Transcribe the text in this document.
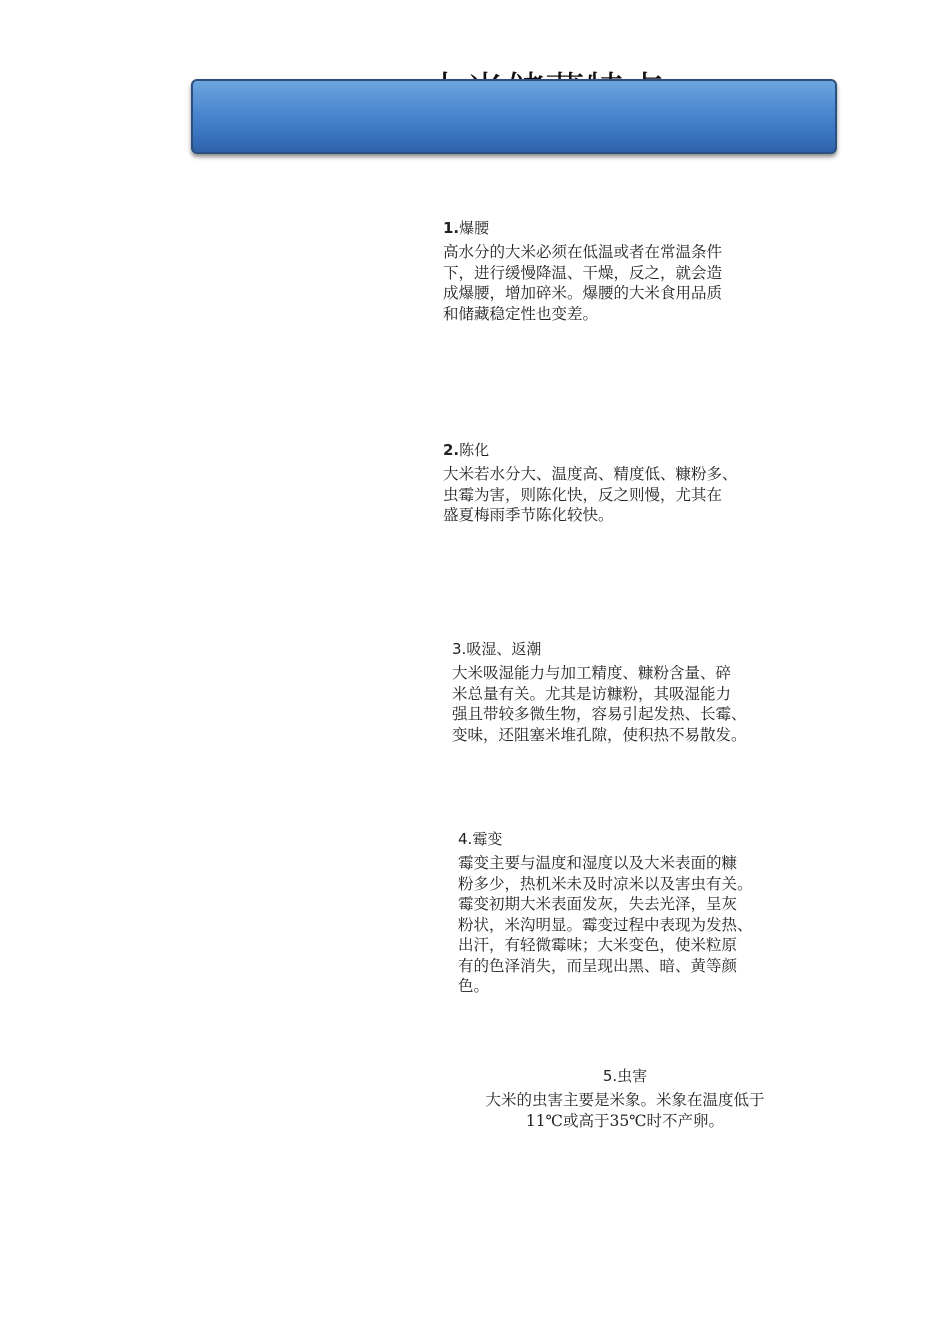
1.爆腰
高水分的大米必须在低温或者在常温条件
下，进行缓慢降温、干燥，反之，就会造
成爆腰，增加碎米。爆腰的大米食用品质
和储藏稳定性也变差。
2.陈化
大米若水分大、温度高、精度低、糠粉多、
虫霉为害，则陈化快，反之则慢，尤其在
盛夏梅雨季节陈化较快。
3.吸湿、返潮
大米吸湿能力与加工精度、糠粉含量、碎
米总量有关。尤其是访糠粉，其吸湿能力
强且带较多微生物，容易引起发热、长霉、
变味，还阻塞米堆孔隙，使积热不易散发。
4.霉变
霉变主要与温度和湿度以及大米表面的糠
粉多少，热机米未及时凉米以及害虫有关。
霉变初期大米表面发灰，失去光泽，呈灰
粉状，米沟明显。霉变过程中表现为发热、
出汗，有轻微霉味；大米变色，使米粒原
有的色泽消失，而呈现出黑、暗、黄等颜
色。
5.虫害
大米的虫害主要是米象。米象在温度低于
11℃或高于35℃时不产卵。
